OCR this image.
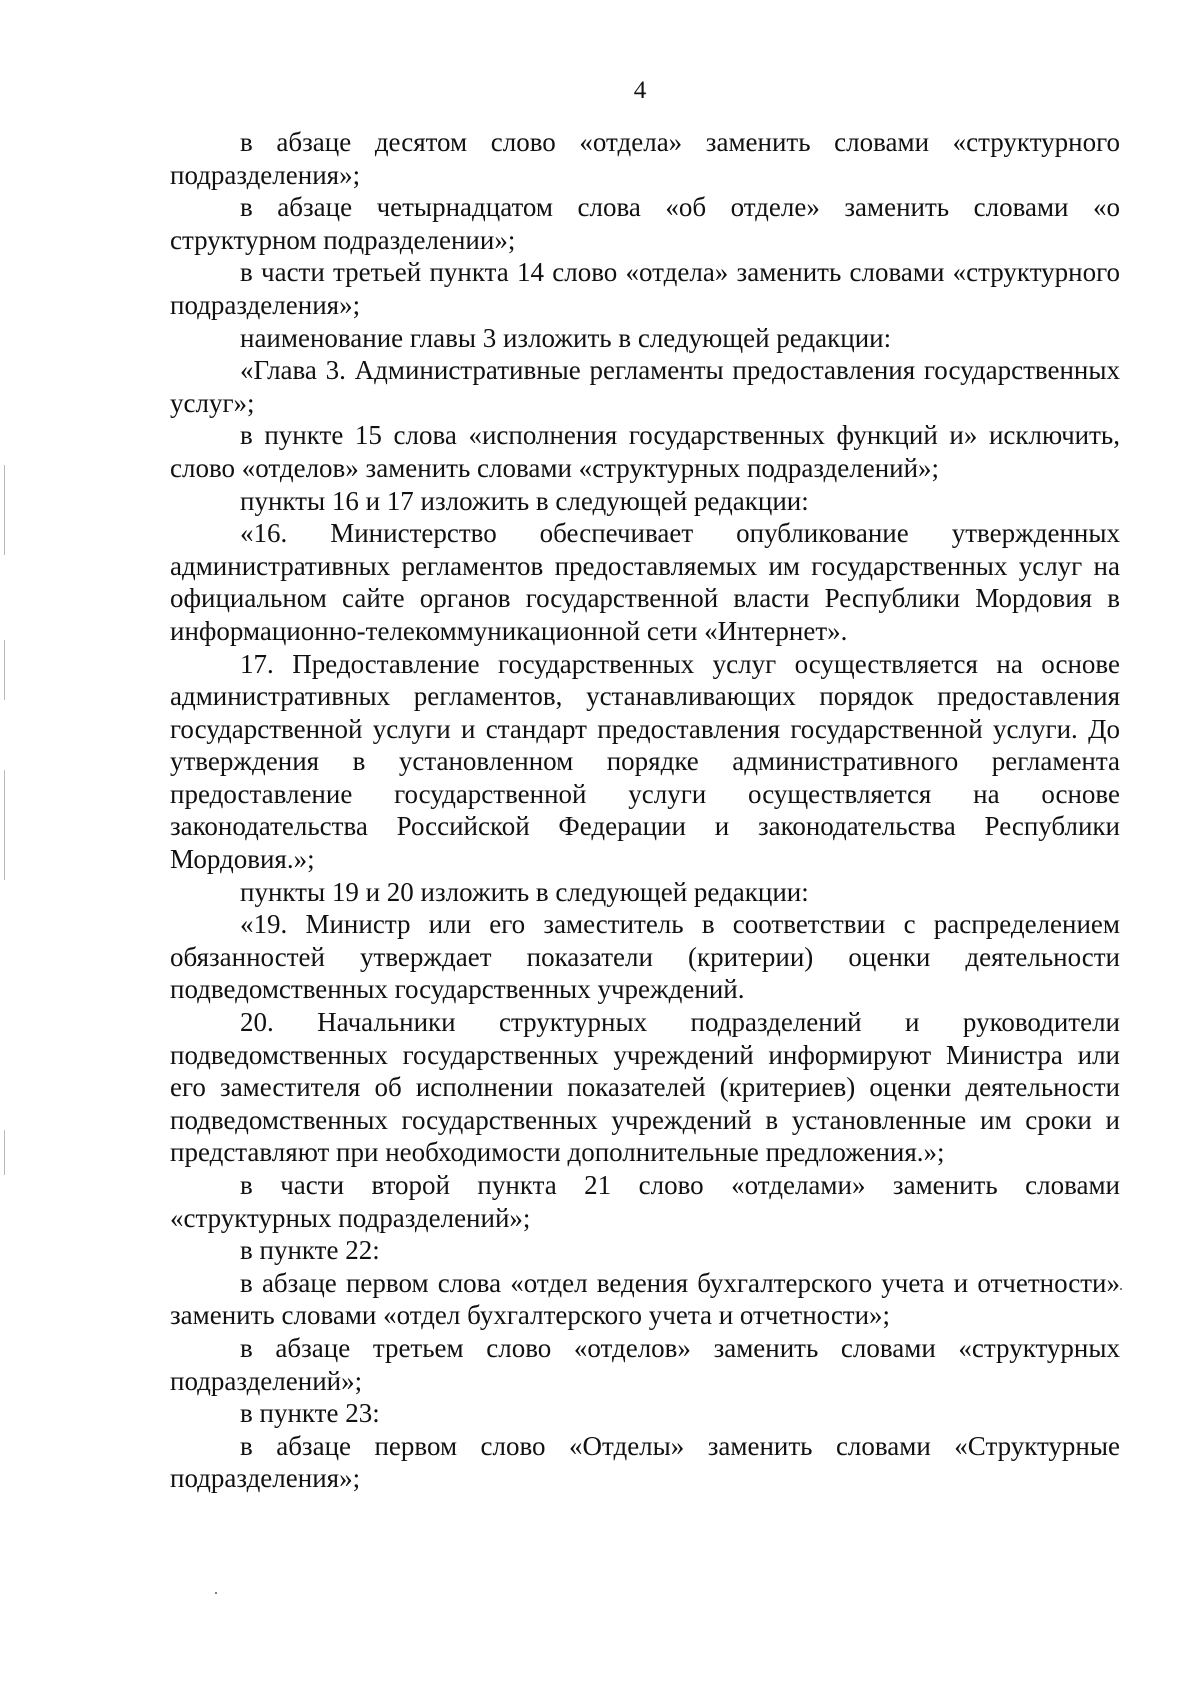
4

в абзаце десятом слово «отдела» заменить словами «структурного подразделения»;

в абзаце четырнадцатом слова «об отделе» заменить словами «о структурном подразделении»;

в части третьей пункта 14 слово «отдела» заменить словами «структурного подразделения»;

наименование главы 3 изложить в следующей редакции:

«Глава 3. Административные регламенты предоставления государственных услуг»;

в пункте 15 слова «исполнения государственных функций и» исключить, слово «отделов» заменить словами «структурных подразделений»;

пункты 16 и 17 изложить в следующей редакции:

«16. Министерство обеспечивает опубликование утвержденных административных регламентов предоставляемых им государственных услуг на официальном сайте органов государственной власти Республики Мордовия в информационно-телекоммуникационной сети «Интернет».

17. Предоставление государственных услуг осуществляется на основе административных регламентов, устанавливающих порядок предоставления государственной услуги и стандарт предоставления государственной услуги. До утверждения в установленном порядке административного регламента предоставление государственной услуги осуществляется на основе законодательства Российской Федерации и законодательства Республики Мордовия.»;

пункты 19 и 20 изложить в следующей редакции:

«19. Министр или его заместитель в соответствии с распределением обязанностей утверждает показатели (критерии) оценки деятельности подведомственных государственных учреждений.

20. Начальники структурных подразделений и руководители подведомственных государственных учреждений информируют Министра или его заместителя об исполнении показателей (критериев) оценки деятельности подведомственных государственных учреждений в установленные им сроки и представляют при необходимости дополнительные предложения.»;

в части второй пункта 21 слово «отделами» заменить словами «структурных подразделений»;

в пункте 22:

в абзаце первом слова «отдел ведения бухгалтерского учета и отчетности» заменить словами «отдел бухгалтерского учета и отчетности»;

в абзаце третьем слово «отделов» заменить словами «структурных подразделений»;

в пункте 23:

в абзаце первом слово «Отделы» заменить словами «Структурные подразделения»;
